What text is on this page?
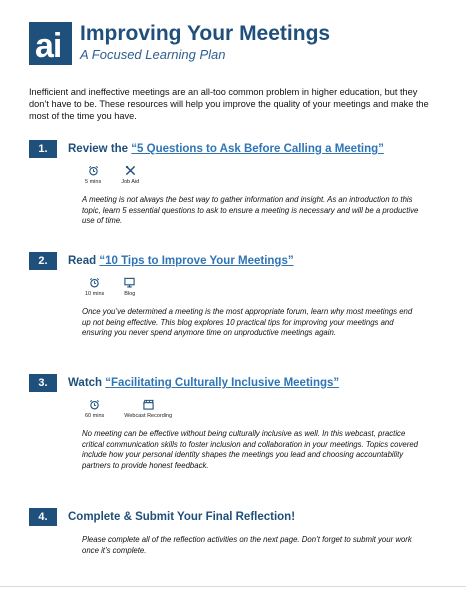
ai Improving Your Meetings
A Focused Learning Plan

Inefficient and ineffective meetings are an all-too common problem in higher education, but they don’t have to be. These resources will help you improve the quality of your meetings and make the most of the time you have.

1.	Review the “5 Questions to Ask Before Calling a Meeting”
5 mins	Job Aid

A meeting is not always the best way to gather information and insight. As an introduction to this topic, learn 5 essential questions to ask to ensure a meeting is necessary and will be a productive use of time.

2.	Read “10 Tips to Improve Your Meetings”
10 mins	Blog

Once you’ve determined a meeting is the most appropriate forum, learn why most meetings end up not being effective. This blog explores 10 practical tips for improving your meetings and ensuring you never spend anymore time on unproductive meetings again.

3.	Watch “Facilitating Culturally Inclusive Meetings”
60 mins	Webcast Recording

No meeting can be effective without being culturally inclusive as well. In this webcast, practice critical communication skills to foster inclusion and collaboration in your meetings. Topics covered include how your personal identity shapes the meetings you lead and choosing accountability partners to provide honest feedback.

4.	Complete & Submit Your Final Reflection!

Please complete all of the reflection activities on the next page. Don’t forget to submit your work once it’s complete.
